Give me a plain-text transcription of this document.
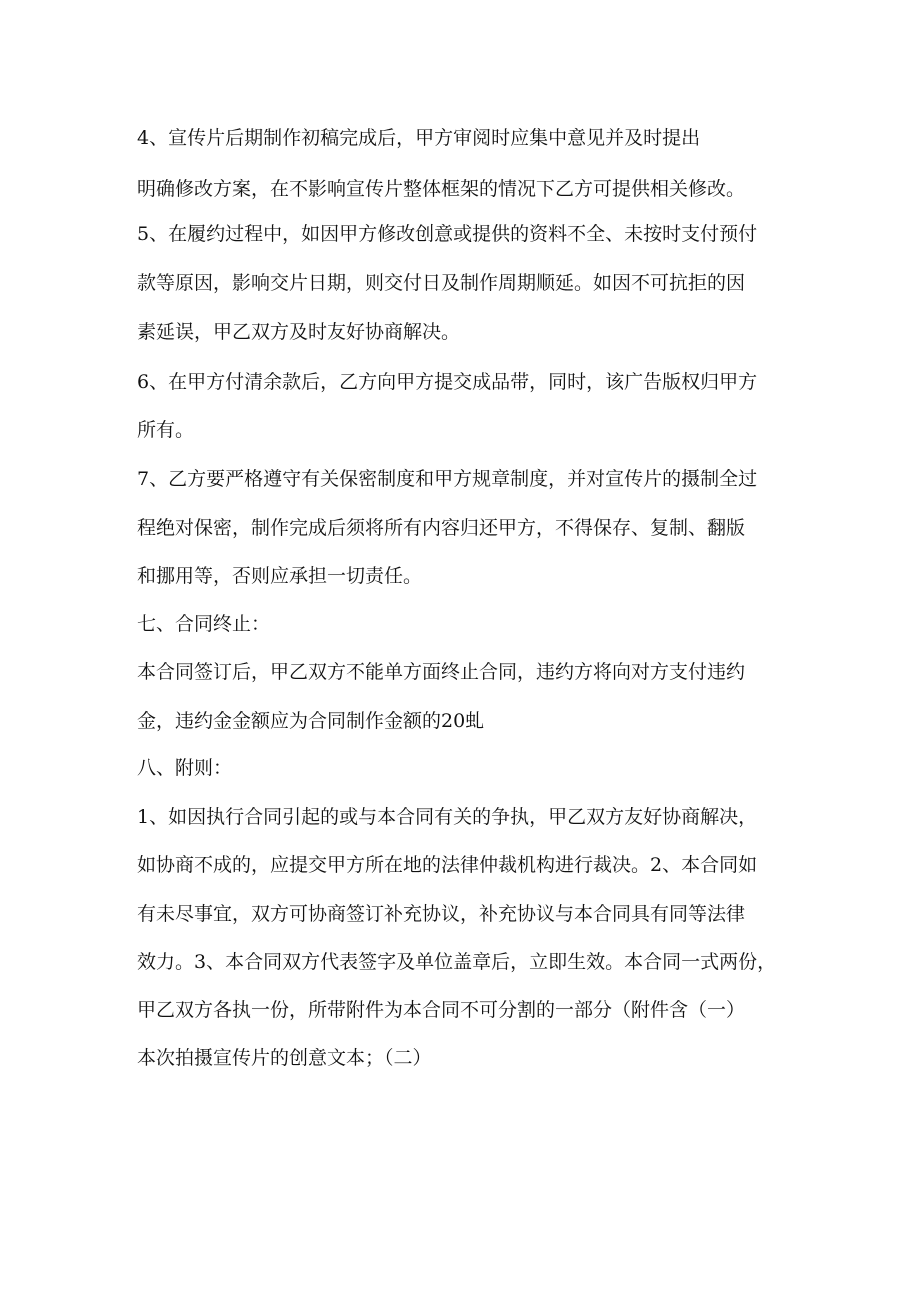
4、宣传片后期制作初稿完成后，甲方审阅时应集中意见并及时提出
明确修改方案，在不影响宣传片整体框架的情况下乙方可提供相关修改。
5、在履约过程中，如因甲方修改创意或提供的资料不全、未按时支付预付
款等原因，影响交片日期，则交付日及制作周期顺延。如因不可抗拒的因
素延误，甲乙双方及时友好协商解决。
6、在甲方付清余款后，乙方向甲方提交成品带，同时，该广告版权归甲方
所有。
7、乙方要严格遵守有关保密制度和甲方规章制度，并对宣传片的摄制全过
程绝对保密，制作完成后须将所有内容归还甲方，不得保存、复制、翻版
和挪用等，否则应承担一切责任。
七、合同终止：
本合同签订后，甲乙双方不能单方面终止合同，违约方将向对方支付违约
金，违约金金额应为合同制作金额的20虬
八、附则：
1、如因执行合同引起的或与本合同有关的争执，甲乙双方友好协商解决，
如协商不成的，应提交甲方所在地的法律仲裁机构进行裁决。2、本合同如
有未尽事宜，双方可协商签订补充协议，补充协议与本合同具有同等法律
效力。3、本合同双方代表签字及单位盖章后，立即生效。本合同一式两份，
甲乙双方各执一份，所带附件为本合同不可分割的一部分（附件含（一）
本次拍摄宣传片的创意文本；（二）
